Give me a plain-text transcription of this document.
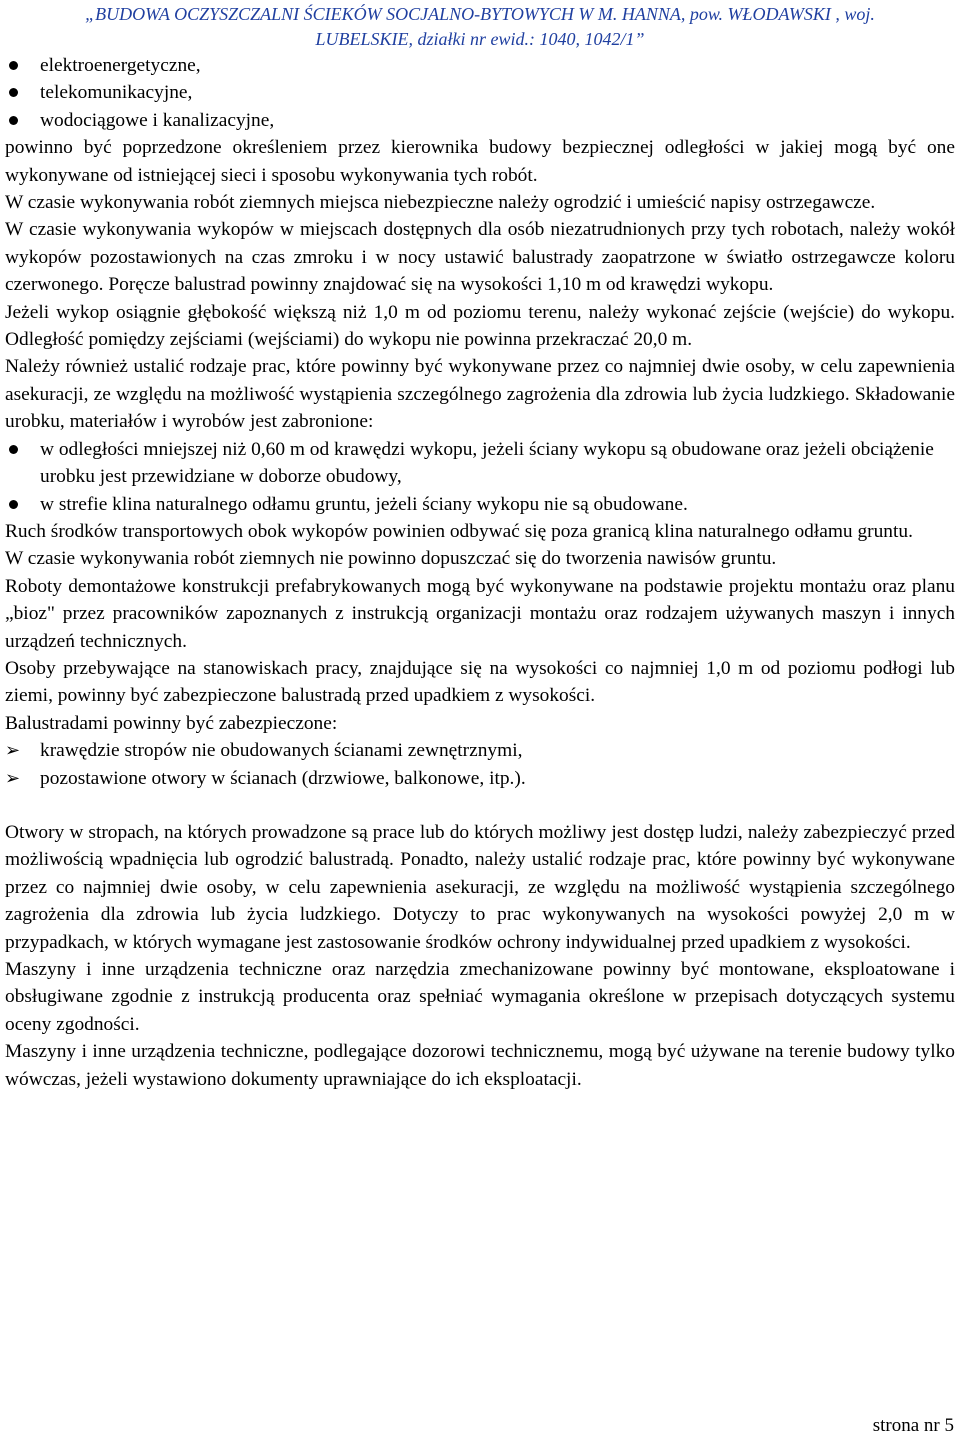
„BUDOWA OCZYSZCZALNI ŚCIEKÓW SOCJALNO-BYTOWYCH W M. HANNA, pow. WŁODAWSKI , woj.
LUBELSKIE, działki nr ewid.: 1040, 1042/1”
elektroenergetyczne,
telekomunikacyjne,
wodociągowe i kanalizacyjne,

powinno być poprzedzone określeniem przez kierownika budowy bezpiecznej odległości w jakiej mogą być one wykonywane od istniejącej sieci i sposobu wykonywania tych robót.

W czasie wykonywania robót ziemnych miejsca niebezpieczne należy ogrodzić i umieścić napisy ostrzegawcze.

W czasie wykonywania wykopów w miejscach dostępnych dla osób niezatrudnionych przy tych robotach, należy wokół wykopów pozostawionych na czas zmroku i w nocy ustawić balustrady zaopatrzone w światło ostrzegawcze koloru czerwonego. Poręcze balustrad powinny znajdować się na wysokości 1,10 m od krawędzi wykopu.

Jeżeli wykop osiągnie głębokość większą niż 1,0 m od poziomu terenu, należy wykonać zejście (wejście) do wykopu. Odległość pomiędzy zejściami (wejściami) do wykopu nie powinna przekraczać 20,0 m.

Należy również ustalić rodzaje prac, które powinny być wykonywane przez co najmniej dwie osoby, w celu zapewnienia asekuracji, ze względu na możliwość wystąpienia szczególnego zagrożenia dla zdrowia lub życia ludzkiego. Składowanie urobku, materiałów i wyrobów jest zabronione:

w odległości mniejszej niż 0,60 m od krawędzi wykopu, jeżeli ściany wykopu są obudowane oraz jeżeli obciążenie urobku jest przewidziane w doborze obudowy,
w strefie klina naturalnego odłamu gruntu, jeżeli ściany wykopu nie są obudowane.

Ruch środków transportowych obok wykopów powinien odbywać się poza granicą klina naturalnego odłamu gruntu.

W czasie wykonywania robót ziemnych nie powinno dopuszczać się do tworzenia nawisów gruntu.

Roboty demontażowe konstrukcji prefabrykowanych mogą być wykonywane na podstawie projektu montażu oraz planu „bioz" przez pracowników zapoznanych z instrukcją organizacji montażu oraz rodzajem używanych maszyn i innych urządzeń technicznych.

Osoby przebywające na stanowiskach pracy, znajdujące się na wysokości co najmniej 1,0 m od poziomu podłogi lub ziemi, powinny być zabezpieczone balustradą przed upadkiem z wysokości.

Balustradami powinny być zabezpieczone:

➢ krawędzie stropów nie obudowanych ścianami zewnętrznymi,
➢ pozostawione otwory w ścianach (drzwiowe, balkonowe, itp.).

Otwory w stropach, na których prowadzone są prace lub do których możliwy jest dostęp ludzi, należy zabezpieczyć przed możliwością wpadnięcia lub ogrodzić balustradą. Ponadto, należy ustalić rodzaje prac, które powinny być wykonywane przez co najmniej dwie osoby, w celu zapewnienia asekuracji, ze względu na możliwość wystąpienia szczególnego zagrożenia dla zdrowia lub życia ludzkiego. Dotyczy to prac wykonywanych na wysokości powyżej 2,0 m w przypadkach, w których wymagane jest zastosowanie środków ochrony indywidualnej przed upadkiem z wysokości.

Maszyny i inne urządzenia techniczne oraz narzędzia zmechanizowane powinny być montowane, eksploatowane i obsługiwane zgodnie z instrukcją producenta oraz spełniać wymagania określone w przepisach dotyczących systemu oceny zgodności.

Maszyny i inne urządzenia techniczne, podlegające dozorowi technicznemu, mogą być używane na terenie budowy tylko wówczas, jeżeli wystawiono dokumenty uprawniające do ich eksploatacji.

strona nr 5
